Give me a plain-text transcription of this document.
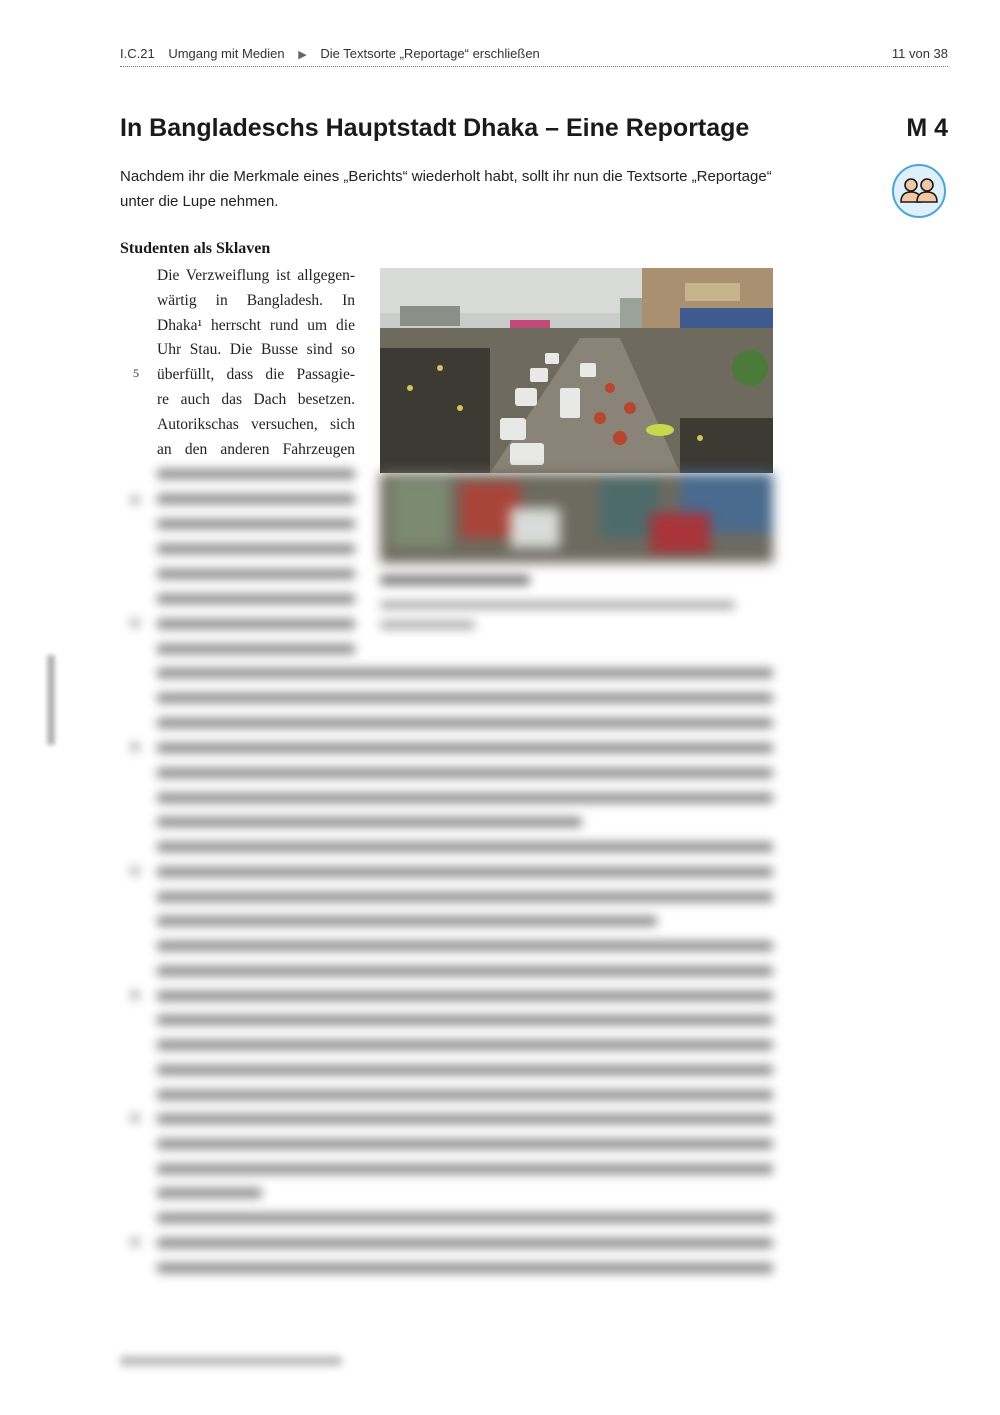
I.C.21 Umgang mit Medien ▶ Die Textsorte „Reportage“ erschließen	11 von 38
In Bangladeschs Hauptstadt Dhaka – Eine Reportage	M 4
Nachdem ihr die Merkmale eines „Berichts“ wiederholt habt, sollt ihr nun die Textsorte „Reportage“ unter die Lupe nehmen.
Studenten als Sklaven
Die Verzweiflung ist allgegen-
wärtig in Bangladesh. In
Dhaka¹ herrscht rund um die
Uhr Stau. Die Busse sind so
überfüllt, dass die Passagie-
re auch das Dach besetzen.
Autorikschas versuchen, sich
an den anderen Fahrzeugen
5
